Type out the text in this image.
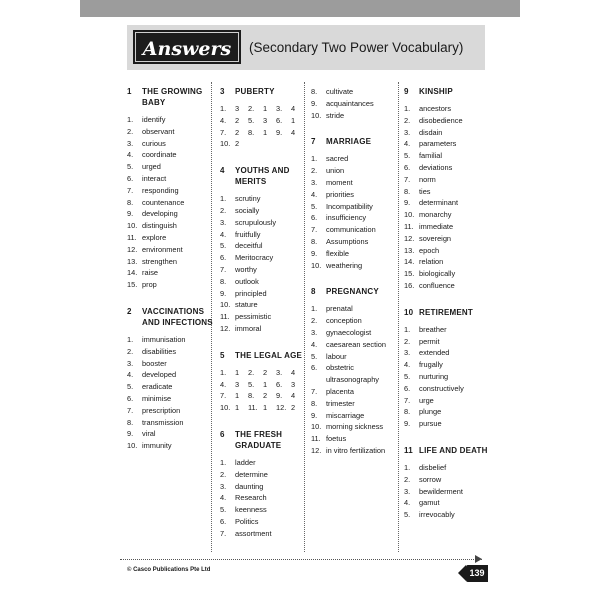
Answers	(Secondary Two Power Vocabulary)
1	THE GROWING BABY
1.	identify
2.	observant
3.	curious
4.	coordinate
5.	urged
6.	interact
7.	responding
8.	countenance
9.	developing
10. distinguish
11. explore
12. environment
13. strengthen
14. raise
15. prop
2	VACCINATIONS AND INFECTIONS
1.	immunisation
2.	disabilities
3.	booster
4.	developed
5.	eradicate
6.	minimise
7.	prescription
8.	transmission
9.	viral
10. immunity
3	PUBERTY
1.	3 2.	1 3.	4
4.	2 5.	3 6.	1
7.	2 8.	1 9.	4
10. 2
4	YOUTHS AND MERITS
1.	scrutiny
2.	socially
3.	scrupulously
4.	fruitfully
5.	deceitful
6.	Meritocracy
7.	worthy
8.	outlook
9.	principled
10. stature
11. pessimistic
12. immoral
5	THE LEGAL AGE
1.	1 2.	2 3.	4
4.	3 5.	1 6.	3
7.	1 8.	2 9.	4
10. 1 11. 1 12. 2
6	THE FRESH GRADUATE
1.	ladder
2.	determine
3.	daunting
4.	Research
5.	keenness
6.	Politics
7.	assortment
8.	cultivate
9.	acquaintances
10. stride
7	MARRIAGE
1.	sacred
2.	union
3.	moment
4.	priorities
5.	Incompatibility
6.	insufficiency
7.	communication
8.	Assumptions
9.	flexible
10. weathering
8	PREGNANCY
1.	prenatal
2.	conception
3.	gynaecologist
4.	caesarean section
5.	labour
6.	obstetric ultrasonography
7.	placenta
8.	trimester
9.	miscarriage
10. morning sickness
11. foetus
12. in vitro fertilization
9	KINSHIP
1.	ancestors
2.	disobedience
3.	disdain
4.	parameters
5.	familial
6.	deviations
7.	norm
8.	ties
9.	determinant
10. monarchy
11. immediate
12. sovereign
13. epoch
14. relation
15. biologically
16. confluence
10 RETIREMENT
1.	breather
2.	permit
3.	extended
4.	frugally
5.	nurturing
6.	constructively
7.	urge
8.	plunge
9.	pursue
11 LIFE AND DEATH
1.	disbelief
2.	sorrow
3.	bewilderment
4.	gamut
5.	irrevocably
© Casco Publications Pte Ltd	139
